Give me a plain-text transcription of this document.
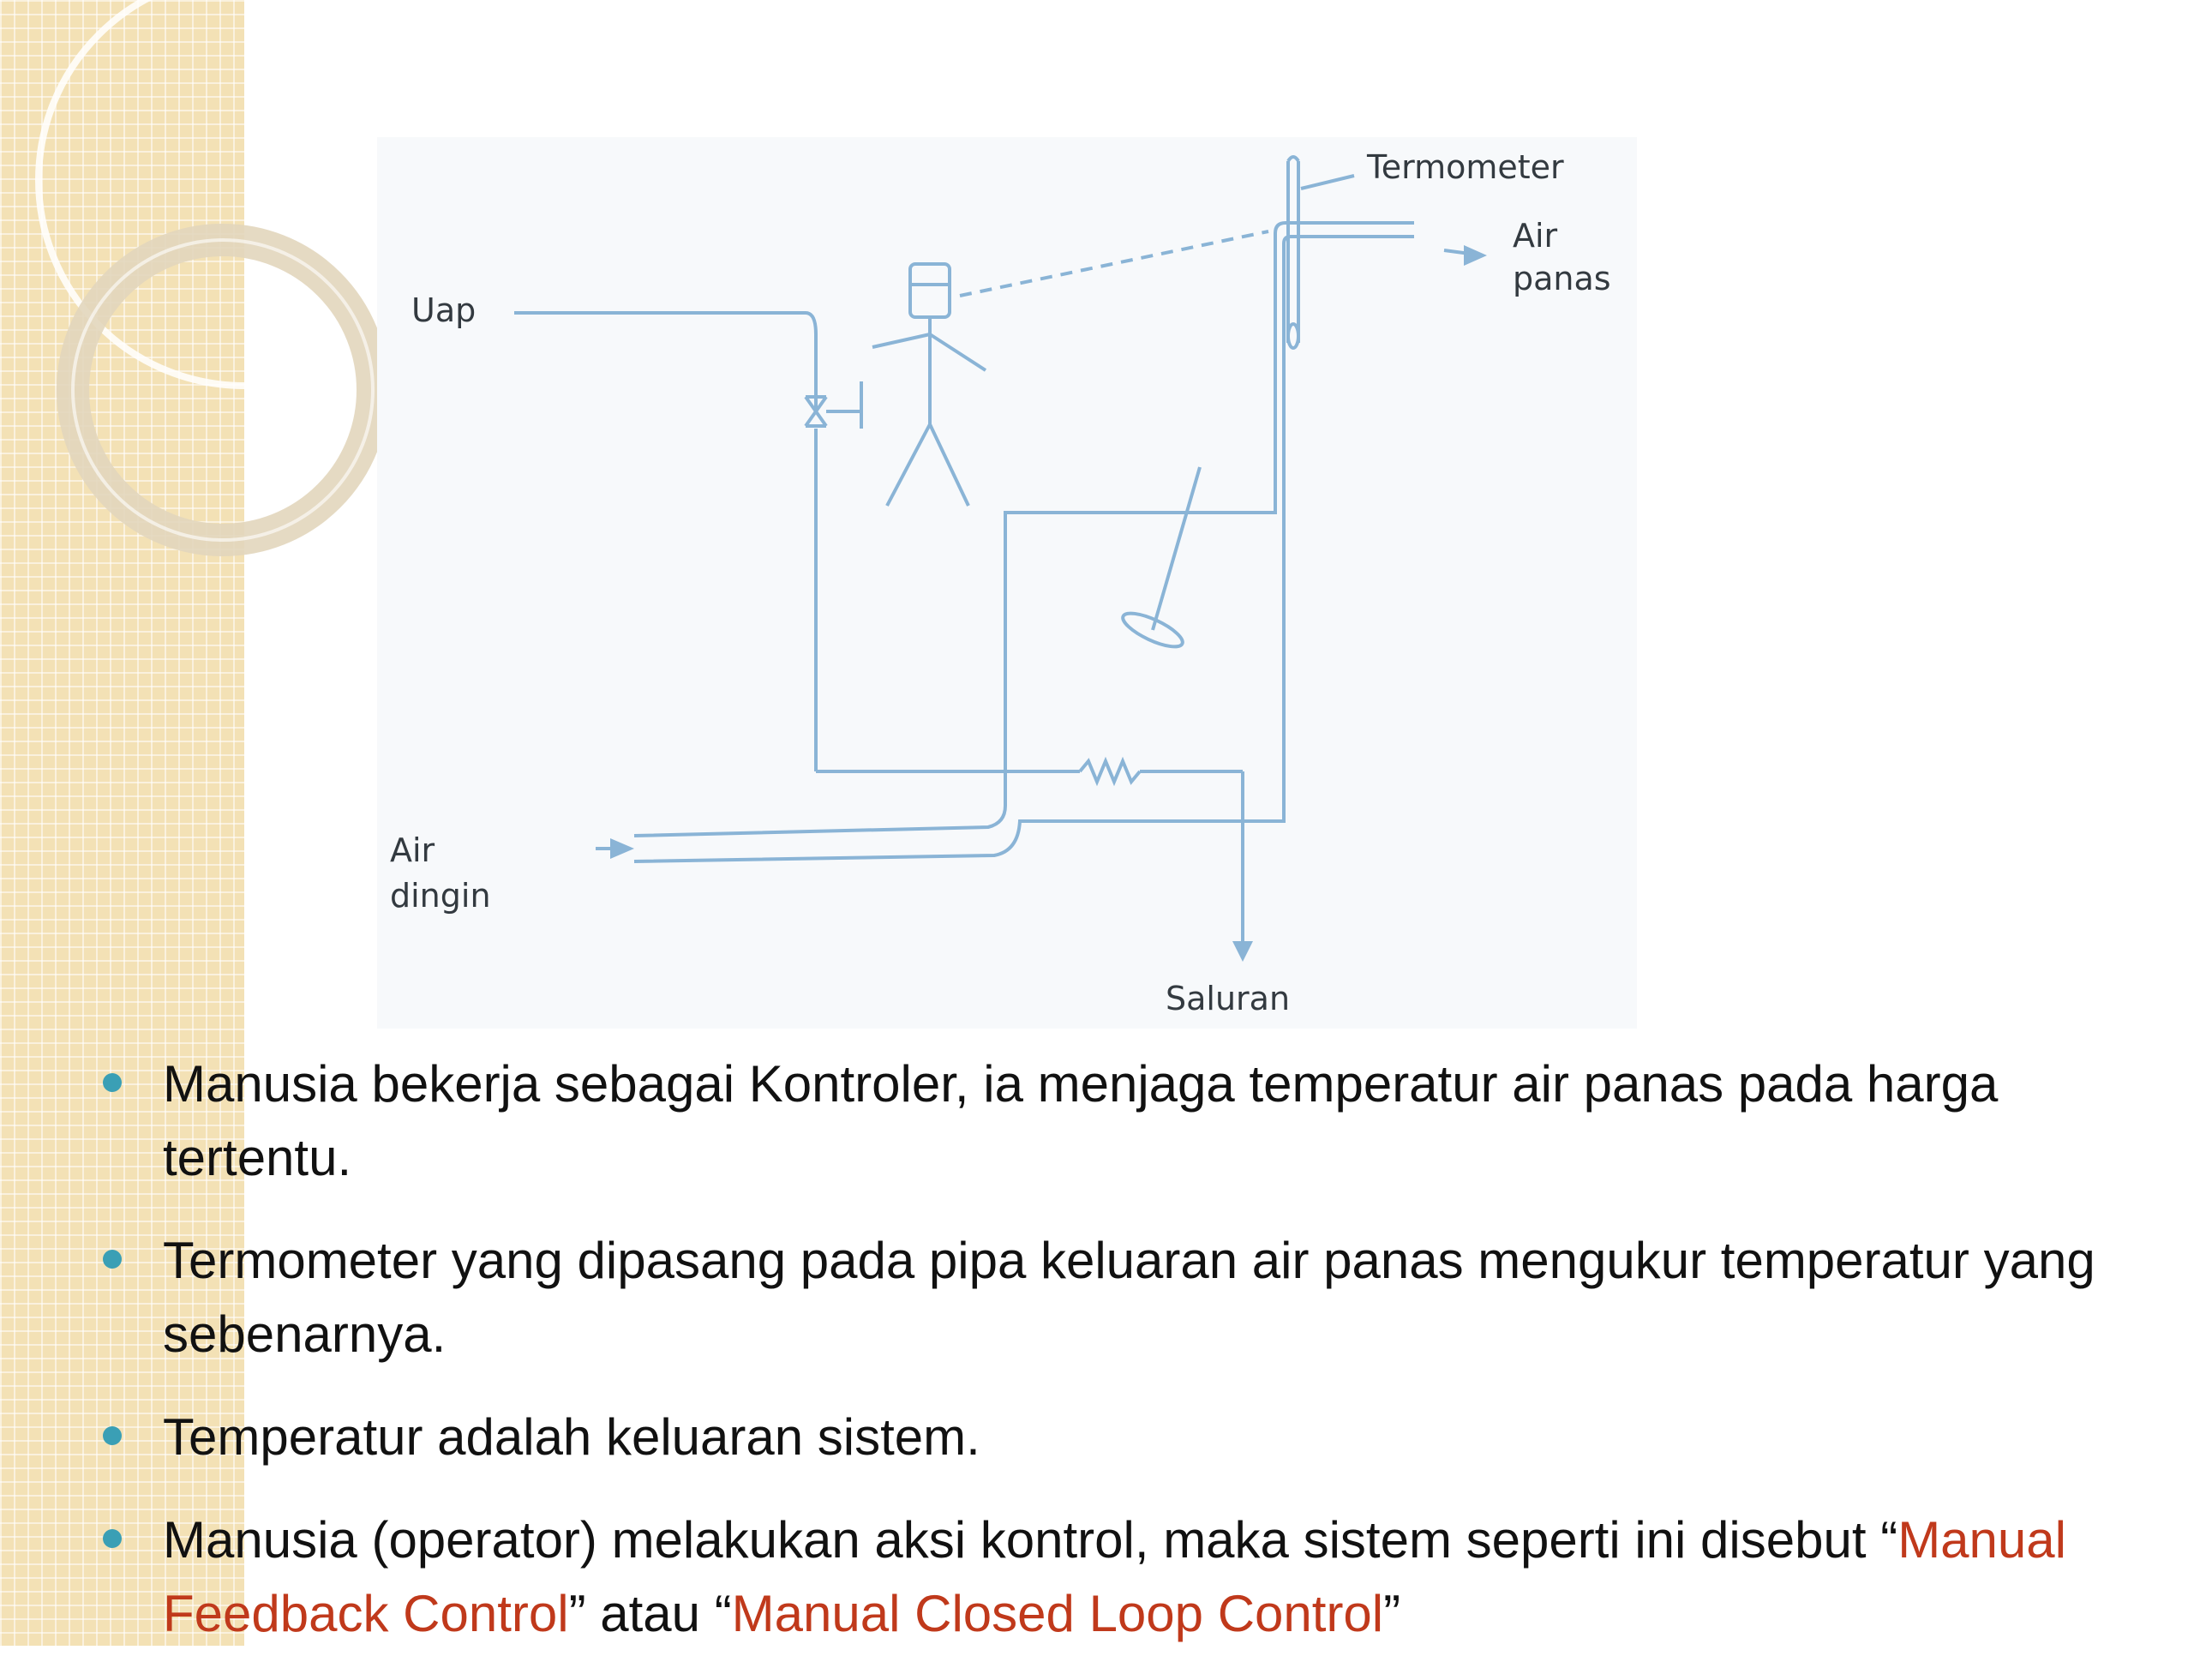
Termometer
Air
panas
Uap
Air
dingin
Saluran
Manusia bekerja sebagai Kontroler, ia menjaga temperatur air panas pada harga tertentu.
Termometer yang dipasang pada pipa keluaran air panas mengukur temperatur yang sebenarnya.
Temperatur adalah keluaran sistem.
Manusia (operator) melakukan aksi kontrol, maka sistem seperti ini disebut “Manual Feedback Control” atau “Manual Closed Loop Control”
